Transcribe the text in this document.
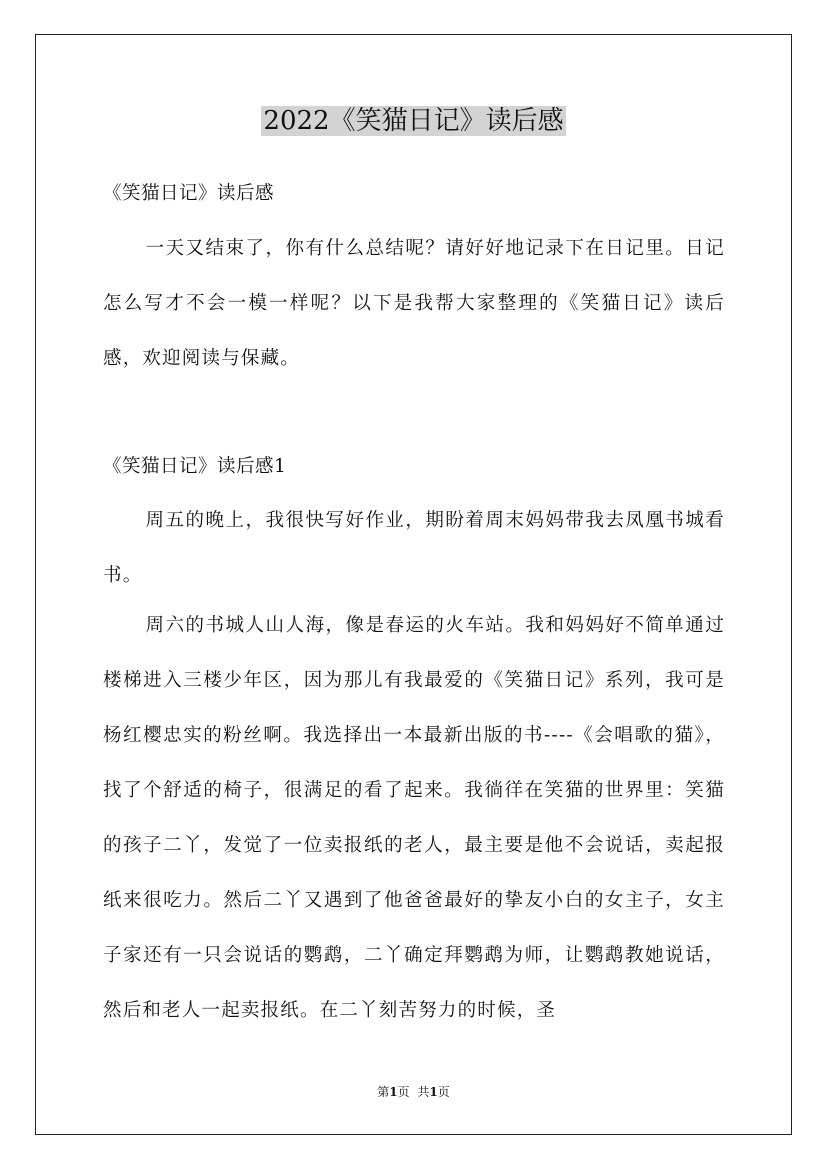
2022《笑猫日记》读后感
《笑猫日记》读后感

一天又结束了，你有什么总结呢？请好好地记录下在日记里。日记怎么写才不会一模一样呢？以下是我帮大家整理的《笑猫日记》读后感，欢迎阅读与保藏。

《笑猫日记》读后感1

周五的晚上，我很快写好作业，期盼着周末妈妈带我去凤凰书城看书。

周六的书城人山人海，像是春运的火车站。我和妈妈好不简单通过楼梯进入三楼少年区，因为那儿有我最爱的《笑猫日记》系列，我可是杨红樱忠实的粉丝啊。我选择出一本最新出版的书----《会唱歌的猫》，找了个舒适的椅子，很满足的看了起来。我徜徉在笑猫的世界里：笑猫的孩子二丫，发觉了一位卖报纸的老人，最主要是他不会说话，卖起报纸来很吃力。然后二丫又遇到了他爸爸最好的挚友小白的女主子，女主子家还有一只会说话的鹦鹉，二丫确定拜鹦鹉为师，让鹦鹉教她说话，然后和老人一起卖报纸。在二丫刻苦努力的时候，圣

第1页 共1页
